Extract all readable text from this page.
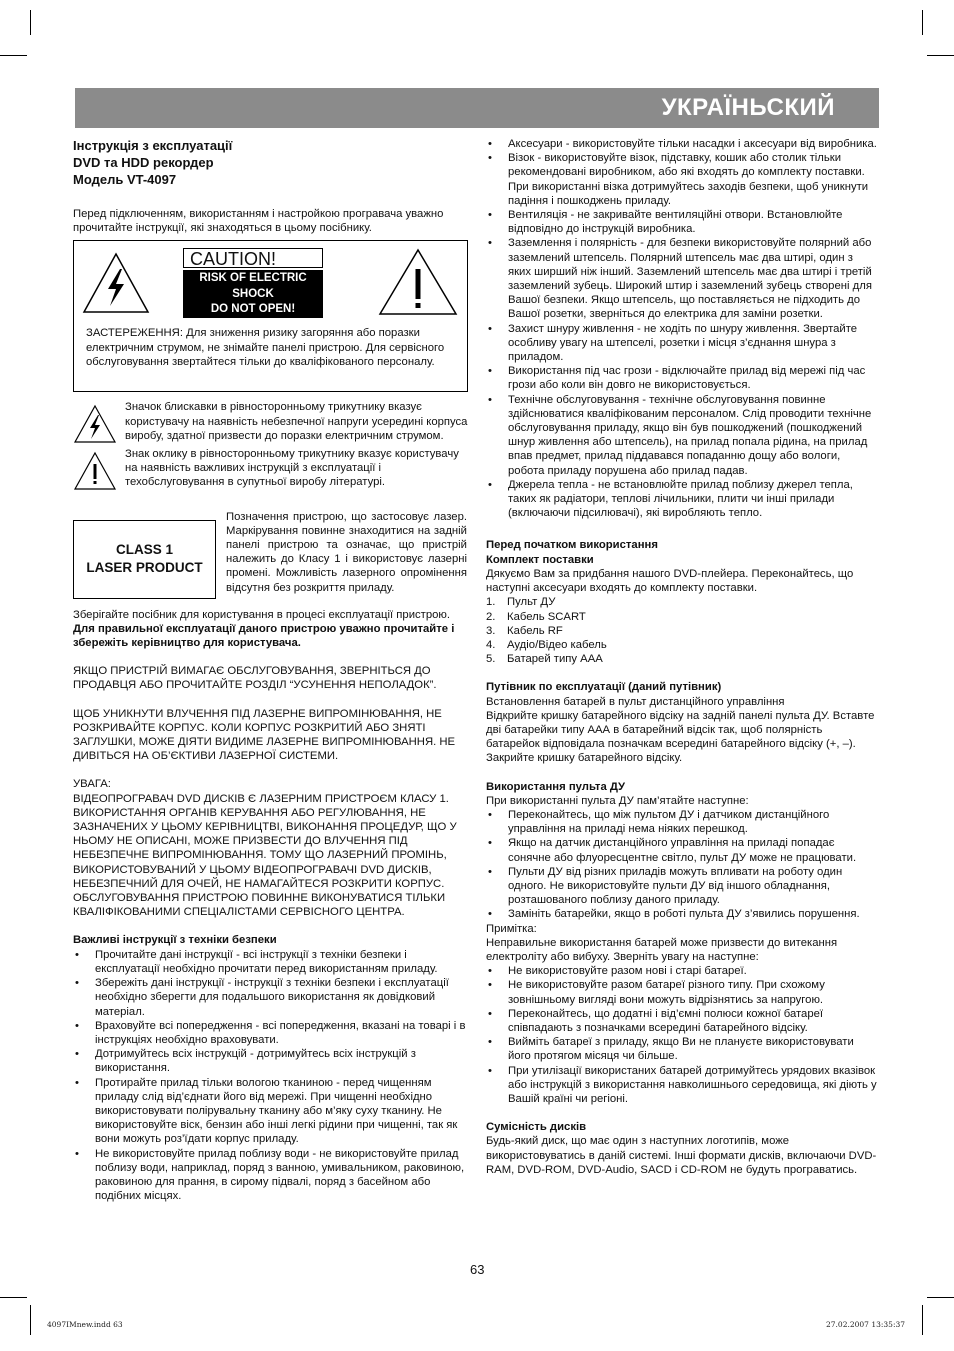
УКРАЇНЬСКИЙ
Інструкція з експлуатації
DVD та HDD рекордер
Модель VT-4097

Перед підключенням, використанням і настройкою програвача уважно прочитайте інструкції, які знаходяться в цьому посібнику.

CAUTION!
RISK OF ELECTRIC
SHOCK
DO NOT OPEN!

ЗАСТЕРЕЖЕННЯ: Для зниження ризику загоряння або поразки електричним струмом, не знімайте панелі пристрою. Для сервісного обслуговування звертайтеся тільки до кваліфікованого персоналу.

Значок блискавки в рівносторонньому трикутнику вказує користувачу на наявність небезпечної напруги усередині корпуса виробу, здатної призвести до поразки електричним струмом.

Знак оклику в рівносторонньому трикутнику вказує користувачу на наявність важливих інструкцій з експлуатації і техобслуговування в супутньої виробу літературі.

CLASS 1
LASER PRODUCT

Позначення пристрою, що застосовує лазер. Маркірування повинне знаходитися на задній панелі пристрою та означає, що пристрій належить до Класу 1 і використовує лазерні промені. Можливість лазерного опромінення відсутня без розкриття приладу.

Зберігайте посібник для користування в процесі експлуатації пристрою.

Для правильної експлуатації даного пристрою уважно прочитайте і збережіть керівництво для користувача.

ЯКЩО ПРИСТРІЙ ВИМАГАЄ ОБСЛУГОВУВАННЯ, ЗВЕРНІТЬСЯ ДО ПРОДАВЦЯ АБО ПРОЧИТАЙТЕ РОЗДІЛ “УСУНЕННЯ НЕПОЛАДОК”.

ЩОБ УНИКНУТИ ВЛУЧЕННЯ ПІД ЛАЗЕРНЕ ВИПРОМІНЮВАННЯ, НЕ РОЗКРИВАЙТЕ КОРПУС. КОЛИ КОРПУС РОЗКРИТИЙ АБО ЗНЯТІ ЗАГЛУШКИ, МОЖЕ ДІЯТИ ВИДИМЕ ЛАЗЕРНЕ ВИПРОМІНЮВАННЯ. НЕ ДИВІТЬСЯ НА ОБ’ЄКТИВИ ЛАЗЕРНОЇ СИСТЕМИ.

УВАГА:

ВІДЕОПРОГРАВАЧ DVD ДИСКІВ Є ЛАЗЕРНИМ ПРИСТРОЄМ КЛАСУ 1. ВИКОРИСТАННЯ ОРГАНІВ КЕРУВАННЯ АБО РЕГУЛЮВАННЯ, НЕ ЗАЗНАЧЕНИХ У ЦЬОМУ КЕРІВНИЦТВІ, ВИКОНАННЯ ПРОЦЕДУР, ЩО У НЬОМУ НЕ ОПИСАНІ, МОЖЕ ПРИЗВЕСТИ ДО ВЛУЧЕННЯ ПІД НЕБЕЗПЕЧНЕ ВИПРОМІНЮВАННЯ. ТОМУ ЩО ЛАЗЕРНИЙ ПРОМІНЬ, ВИКОРИСТОВУВАНИЙ У ЦЬОМУ ВІДЕОПРОГРАВАЧІ DVD ДИСКІВ, НЕБЕЗПЕЧНИЙ ДЛЯ ОЧЕЙ, НЕ НАМАГАЙТЕСЯ РОЗКРИТИ КОРПУС. ОБСЛУГОВУВАННЯ ПРИСТРОЮ ПОВИННЕ ВИКОНУВАТИСЯ ТІЛЬКИ КВАЛІФІКОВАНИМИ СПЕЦІАЛІСТАМИ СЕРВІСНОГО ЦЕНТРА.

Важливі інструкції з техніки безпеки

• Прочитайте дані інструкції - всі інструкції з техніки безпеки і експлуатації необхідно прочитати перед використанням приладу.
• Збережіть дані інструкції - інструкції з техніки безпеки і експлуатації необхідно зберегти для подальшого використання як довідковий матеріал.
• Враховуйте всі попередження - всі попередження, вказані на товарі і в інструкціях необхідно враховувати.
• Дотримуйтесь всіх інструкцій - дотримуйтесь всіх інструкцій з використання.
• Протирайте прилад тільки вологою тканиною - перед чищенням приладу слід від’єднати його від мережі. При чищенні необхідно використовувати полірувальну тканину або м’яку суху тканину. Не використовуйте віск, бензин або інші легкі рідини при чищенні, так як вони можуть роз’їдати корпус приладу.
• Не використовуйте прилад поблизу води - не використовуйте прилад поблизу води, наприклад, поряд з ванною, умивальником, раковиною, раковиною для прання, в сирому підвалі, поряд з басейном або подібних місцях.
• Аксесуари - використовуйте тільки насадки і аксесуари від виробника.
• Візок - використовуйте візок, підставку, кошик або столик тільки рекомендовані виробником, або які входять до комплекту поставки. При використанні візка дотримуйтесь заходів безпеки, щоб уникнути падіння і пошкоджень приладу.
• Вентиляція - не закривайте вентиляційні отвори. Встановлюйте відповідно до інструкцій виробника.
• Заземлення і полярність - для безпеки використовуйте полярний або заземлений штепсель. Полярний штепсель має два штирі, один з яких ширший ніж інший. Заземлений штепсель має два штирі і третій заземлений зубець. Широкий штир і заземлений зубець створені для Вашої безпеки. Якщо штепсель, що поставляється не підходить до Вашої розетки, зверніться до електрика для заміни розетки.
• Захист шнуру живлення - не ходіть по шнуру живлення. Звертайте особливу увагу на штепселі, розетки і місця з’єднання шнура з приладом.
• Використання під час грози - відключайте прилад від мережі під час грози або коли він довго не використовується.
• Технічне обслуговування - технічне обслуговування повинне здійснюватися кваліфікованим персоналом. Слід проводити технічне обслуговування приладу, якщо він був пошкоджений (пошкоджений шнур живлення або штепсель), на прилад попала рідина, на прилад впав предмет, прилад піддавався попаданню дощу або вологи, робота приладу порушена або прилад падав.
• Джерела тепла - не встановлюйте прилад поблизу джерел тепла, таких як радіатори, теплові лічильники, плити чи інші прилади (включаючи підсилювачі), які виробляють тепло.

Перед початком використання

Комплект поставки

Дякуємо Вам за придбання нашого DVD-плейера. Переконайтесь, що наступні аксесуари входять до комплекту поставки.

1. Пульт ДУ
2. Кабель SCART
3. Кабель RF
4. Аудіо/Відео кабель
5. Батарей типу ААА

Путівник по експлуатації (даний путівник)

Встановлення батарей в пульт дистанційного управління

Відкрийте кришку батарейного відсіку на задній панелі пульта ДУ. Вставте дві батарейки типу ААА в батарейний відсік так, щоб полярність батарейок відповідала позначкам всередині батарейного відсіку (+, –).

Закрийте кришку батарейного відсіку.

Використання пульта ДУ

При використанні пульта ДУ пам’ятайте наступне:

• Переконайтесь, що між пультом ДУ і датчиком дистанційного управління на приладі нема ніяких перешкод.
• Якщо на датчик дистанційного управління на приладі попадає сонячне або флуоресцентне світло, пульт ДУ може не працювати.
• Пульти ДУ від різних приладів можуть впливати на роботу один одного. Не використовуйте пульти ДУ від іншого обладнання, розташованого поблизу даного приладу.
• Замініть батарейки, якщо в роботі пульта ДУ з’явились порушення.

Примітка:

Неправильне використання батарей може призвести до витекання електроліту або вибуху. Зверніть увагу на наступне:

• Не використовуйте разом нові і старі батареї.
• Не використовуйте разом батареї різного типу. При схожому зовнішньому вигляді вони можуть відрізнятись за напругою.
• Переконайтесь, що додатні і від’ємні полюси кожної батареї співпадають з позначками всередині батарейного відсіку.
• Вийміть батареї з приладу, якщо Ви не плануєте використовувати його протягом місяця чи більше.
• При утилізації використаних батарей дотримуйтесь урядових вказівок або інструкцій з використання навколишнього середовища, які діють у Вашій країні чи регіоні.

Сумісність дисків

Будь-який диск, що має один з наступних логотипів, може використовуватись в даній системі. Інші формати дисків, включаючи DVD-RAM, DVD-ROM, DVD-Audio, SACD і CD-ROM не будуть програватись.

63
4097IMnew.indd 63	27.02.2007 13:35:37
